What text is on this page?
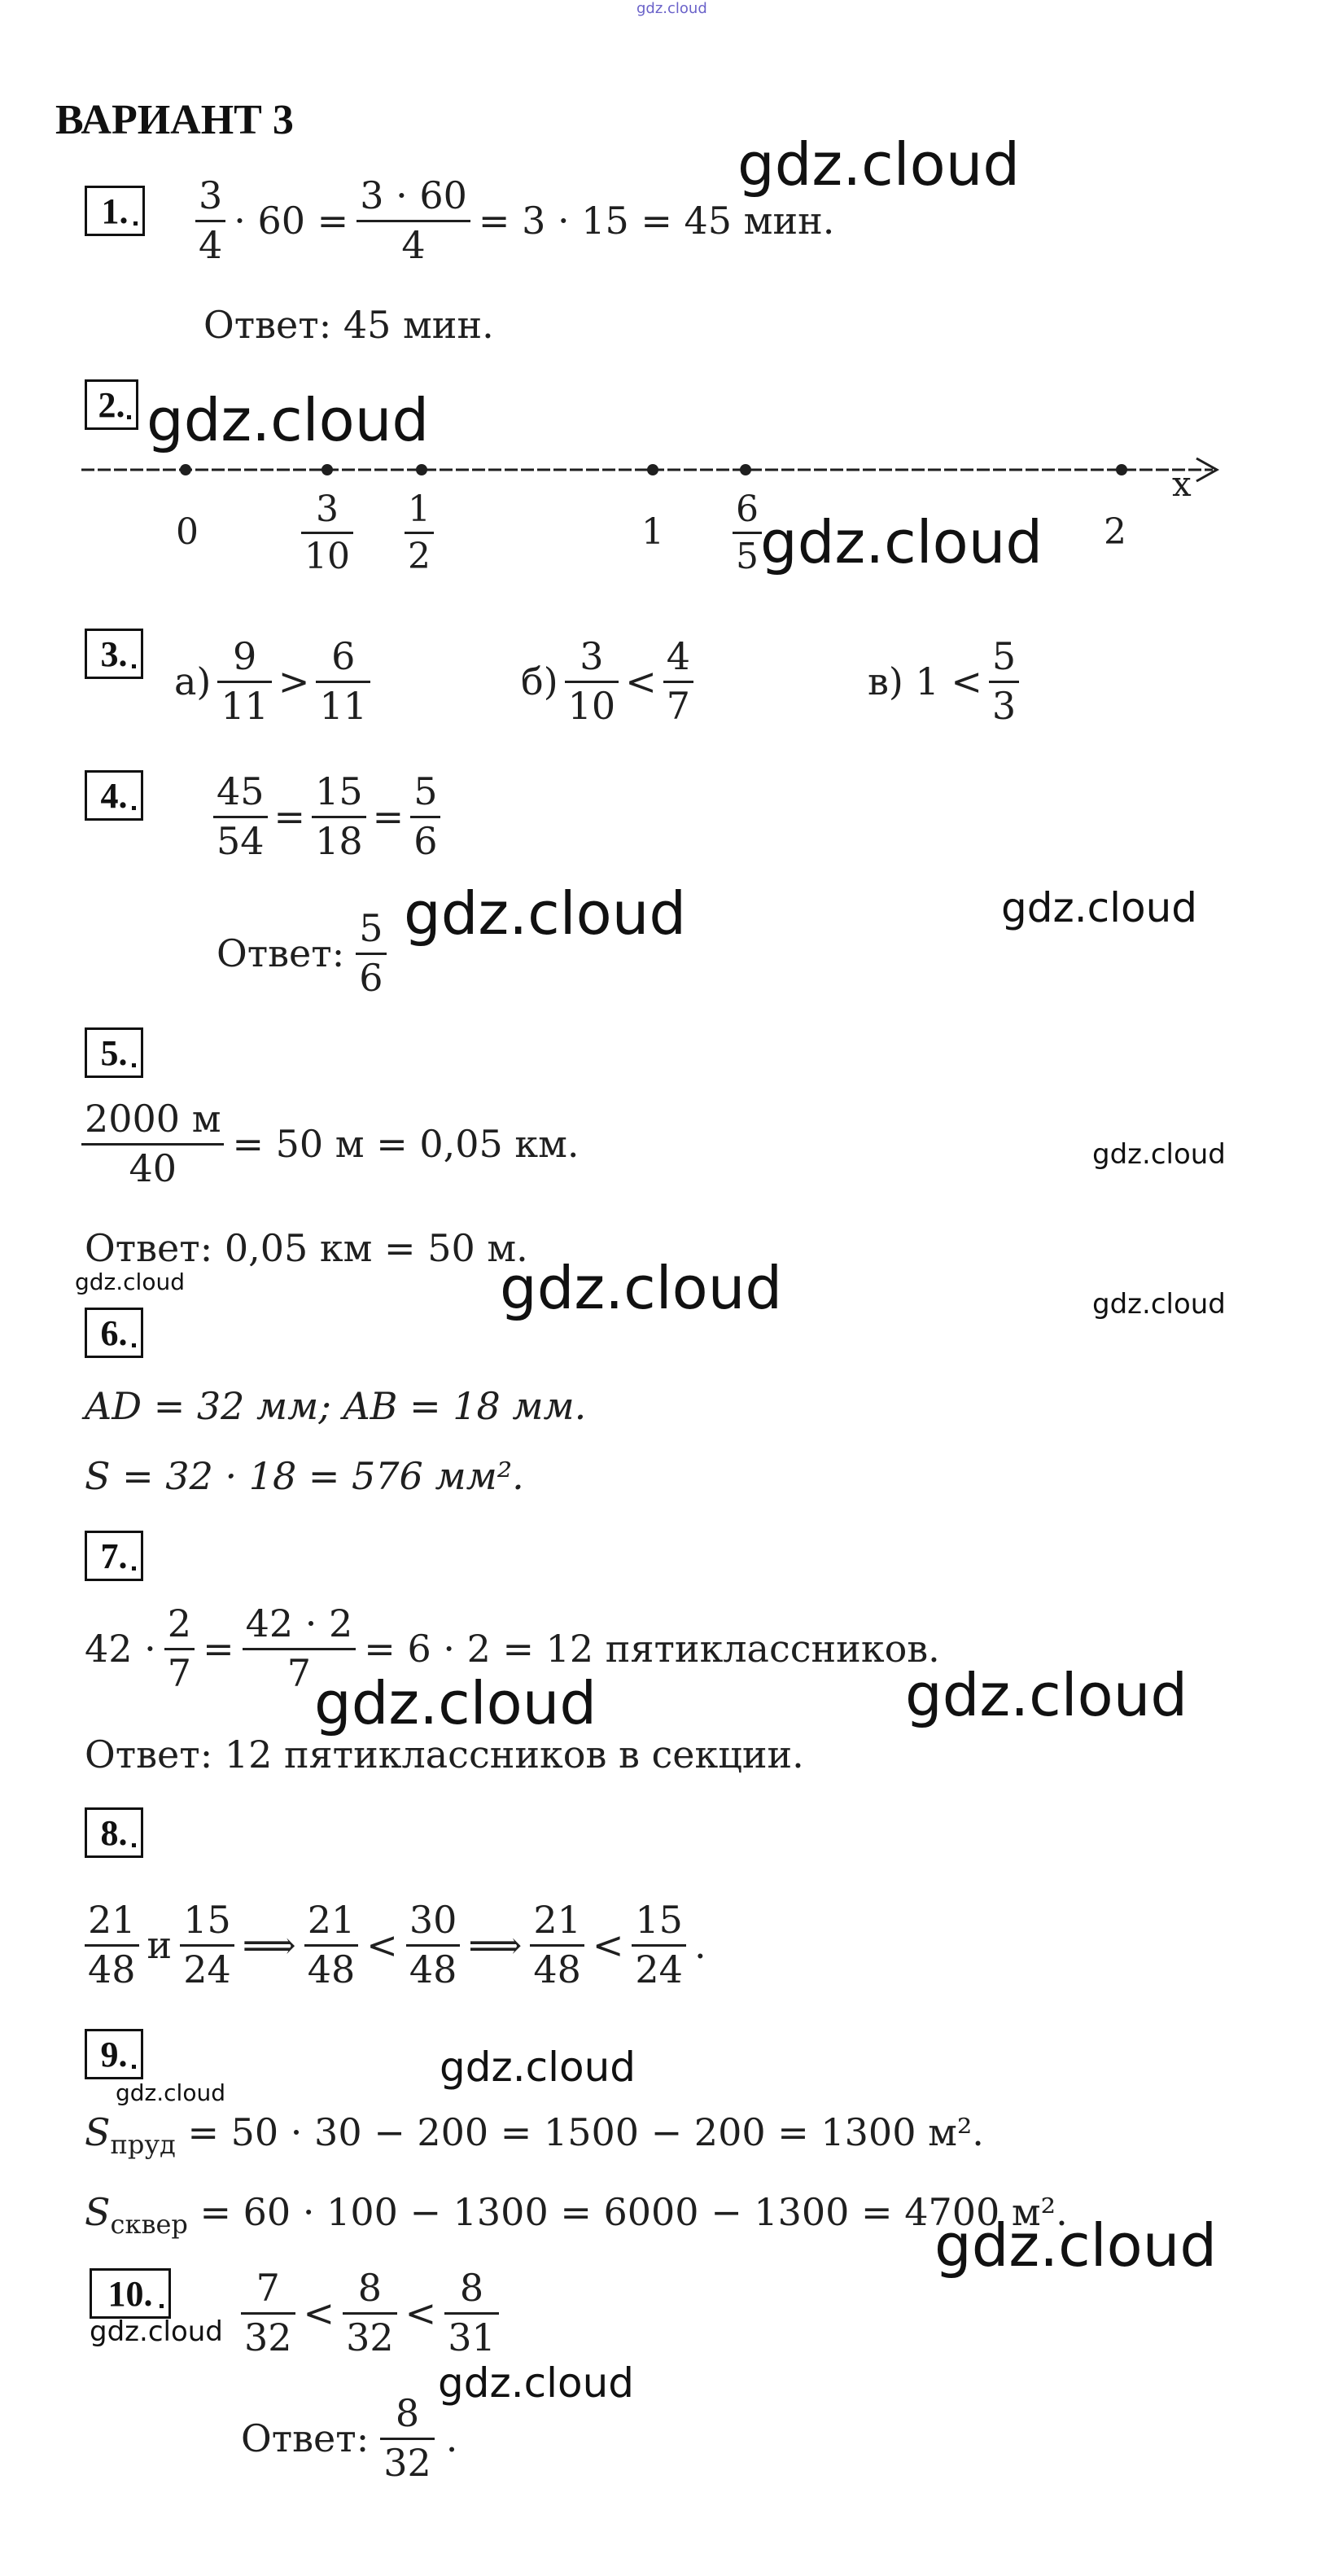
gdz.cloud
ВАРИАНТ 3
1.	$\frac{3}{4} \cdot 60 = \frac{3 \cdot 60}{4} = 3 \cdot 15 = 45$ мин.
Ответ: 45 мин.
2.
x
0	$\frac{3}{10} \frac{1}{2}$	$1 \frac{6}{5}$	2
3.
$а) \frac{9}{11} > \frac{6}{11}$	$б) \frac{3}{10} < \frac{4}{7}$	в) $1 < \frac{5}{3}$
4.	$\frac{45}{54} = \frac{15}{18} = \frac{5}{6}$
Ответ: $\frac{5}{6}$
5.
$\frac{2000 м}{40} = 50$ м = 0,05 км.
Ответ: 0,05 км = 50 м.
6.
AD = 32 мм; AB = 18 мм.
S = 32 · 18 = 576 мм².
7.
$42 \cdot \frac{2}{7} = \frac{42 \cdot 2}{7} = 6 \cdot 2 = 12$ пятиклассников.
Ответ: 12 пятиклассников в секции.
8.
$\frac{21}{48}$ и $\frac{15}{24}$ ⟹ $\frac{21}{48} < \frac{30}{48}$ ⟹ $\frac{21}{48} < \frac{15}{24}$ .
9.
$S_{пруд} = 50 \cdot 30 - 200 = 1500 - 200 = 1300$ м².
$S_{сквер} = 60 \cdot 100 - 1300 = 6000 - 1300 = 4700$ м².
10.	$\frac{7}{32} < \frac{8}{32} < \frac{8}{31}$
Ответ: $\frac{8}{32}$ .
gdz.cloud
gdz.cloud
gdz.cloud
gdz.cloud	gdz.cloud
gdz.cloud
gdz.cloud	gdz.cloud	gdz.cloud
gdz.cloud	gdz.cloud
gdz.cloud
gdz.cloud
gdz.cloud
gdz.cloud
gdz.cloud
